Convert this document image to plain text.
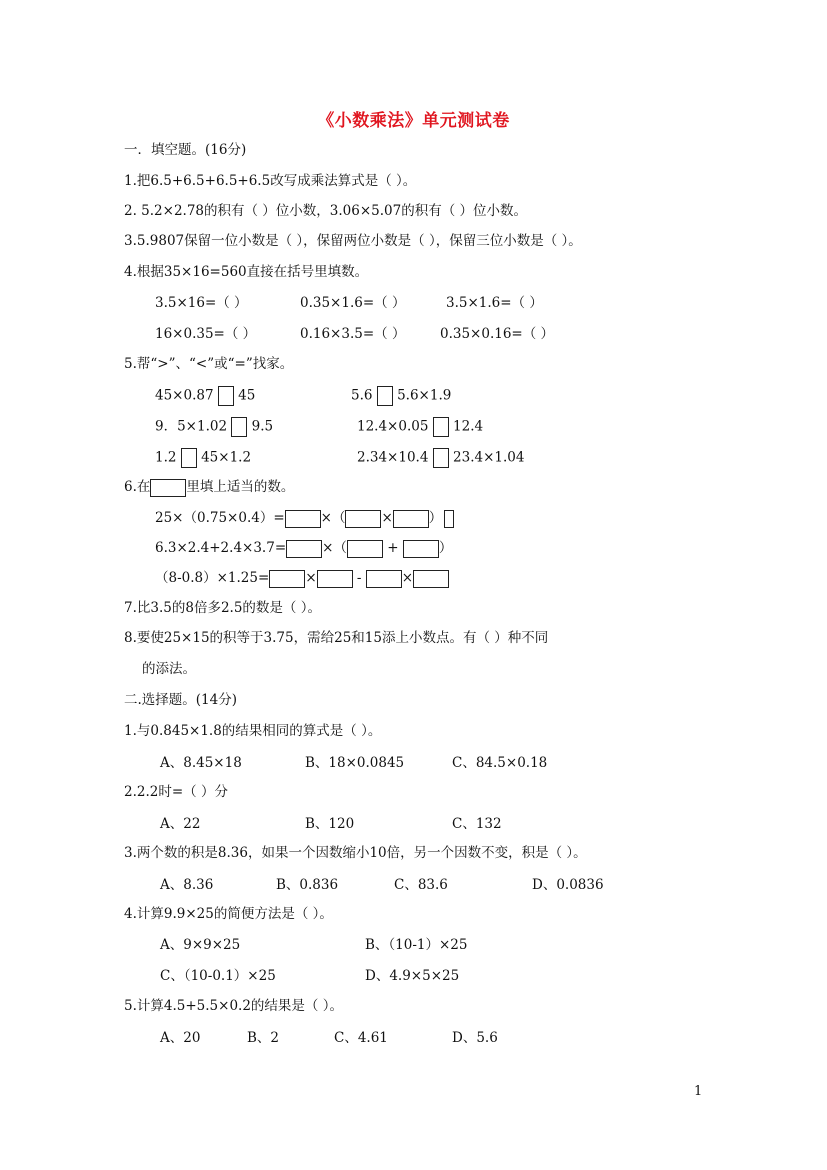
《小数乘法》单元测试卷
一．填空题。(16分)
1.把6.5+6.5+6.5+6.5改写成乘法算式是（ ）。
2. 5.2×2.78的积有（ ）位小数，3.06×5.07的积有（ ）位小数。
3.5.9807保留一位小数是（ ），保留两位小数是（ ），保留三位小数是（ ）。
4.根据35×16=560直接在括号里填数。
3.5×16=（ ）	0.35×1.6=（ ）	3.5×1.6=（ ）
16×0.35=（ ）	0.16×3.5=（ ）	0.35×0.16=（ ）
5.帮“>”、“<”或“=”找家。
45×0.87 45	5.6 5.6×1.9
9．5×1.02 9.5	12.4×0.05 12.4
1.2 45×1.2	2.34×10.4 23.4×1.04
6.在	里填上适当的数。
25×（0.75×0.4）=	×（	×	）
6.3×2.4+2.4×3.7=	×（	+	）
（8-0.8）×1.25=	×	-	×
7.比3.5的8倍多2.5的数是（ ）。
8.要使25×15的积等于3.75，需给25和15添上小数点。有（ ）种不同
的添法。
二.选择题。(14分)
1.与0.845×1.8的结果相同的算式是（ ）。
A、8.45×18	B、18×0.0845	C、84.5×0.18
2.2.2时=（ ）分
A、22	B、120	C、132
3.两个数的积是8.36，如果一个因数缩小10倍，另一个因数不变，积是（ ）。
A、8.36	B、0.836	C、83.6	D、0.0836
4.计算9.9×25的简便方法是（ ）。
A、9×9×25	B、（10-1）×25
C、（10-0.1）×25	D、4.9×5×25
5.计算4.5+5.5×0.2的结果是（ ）。
A、20	B、2	C、4.61	D、5.6
1
